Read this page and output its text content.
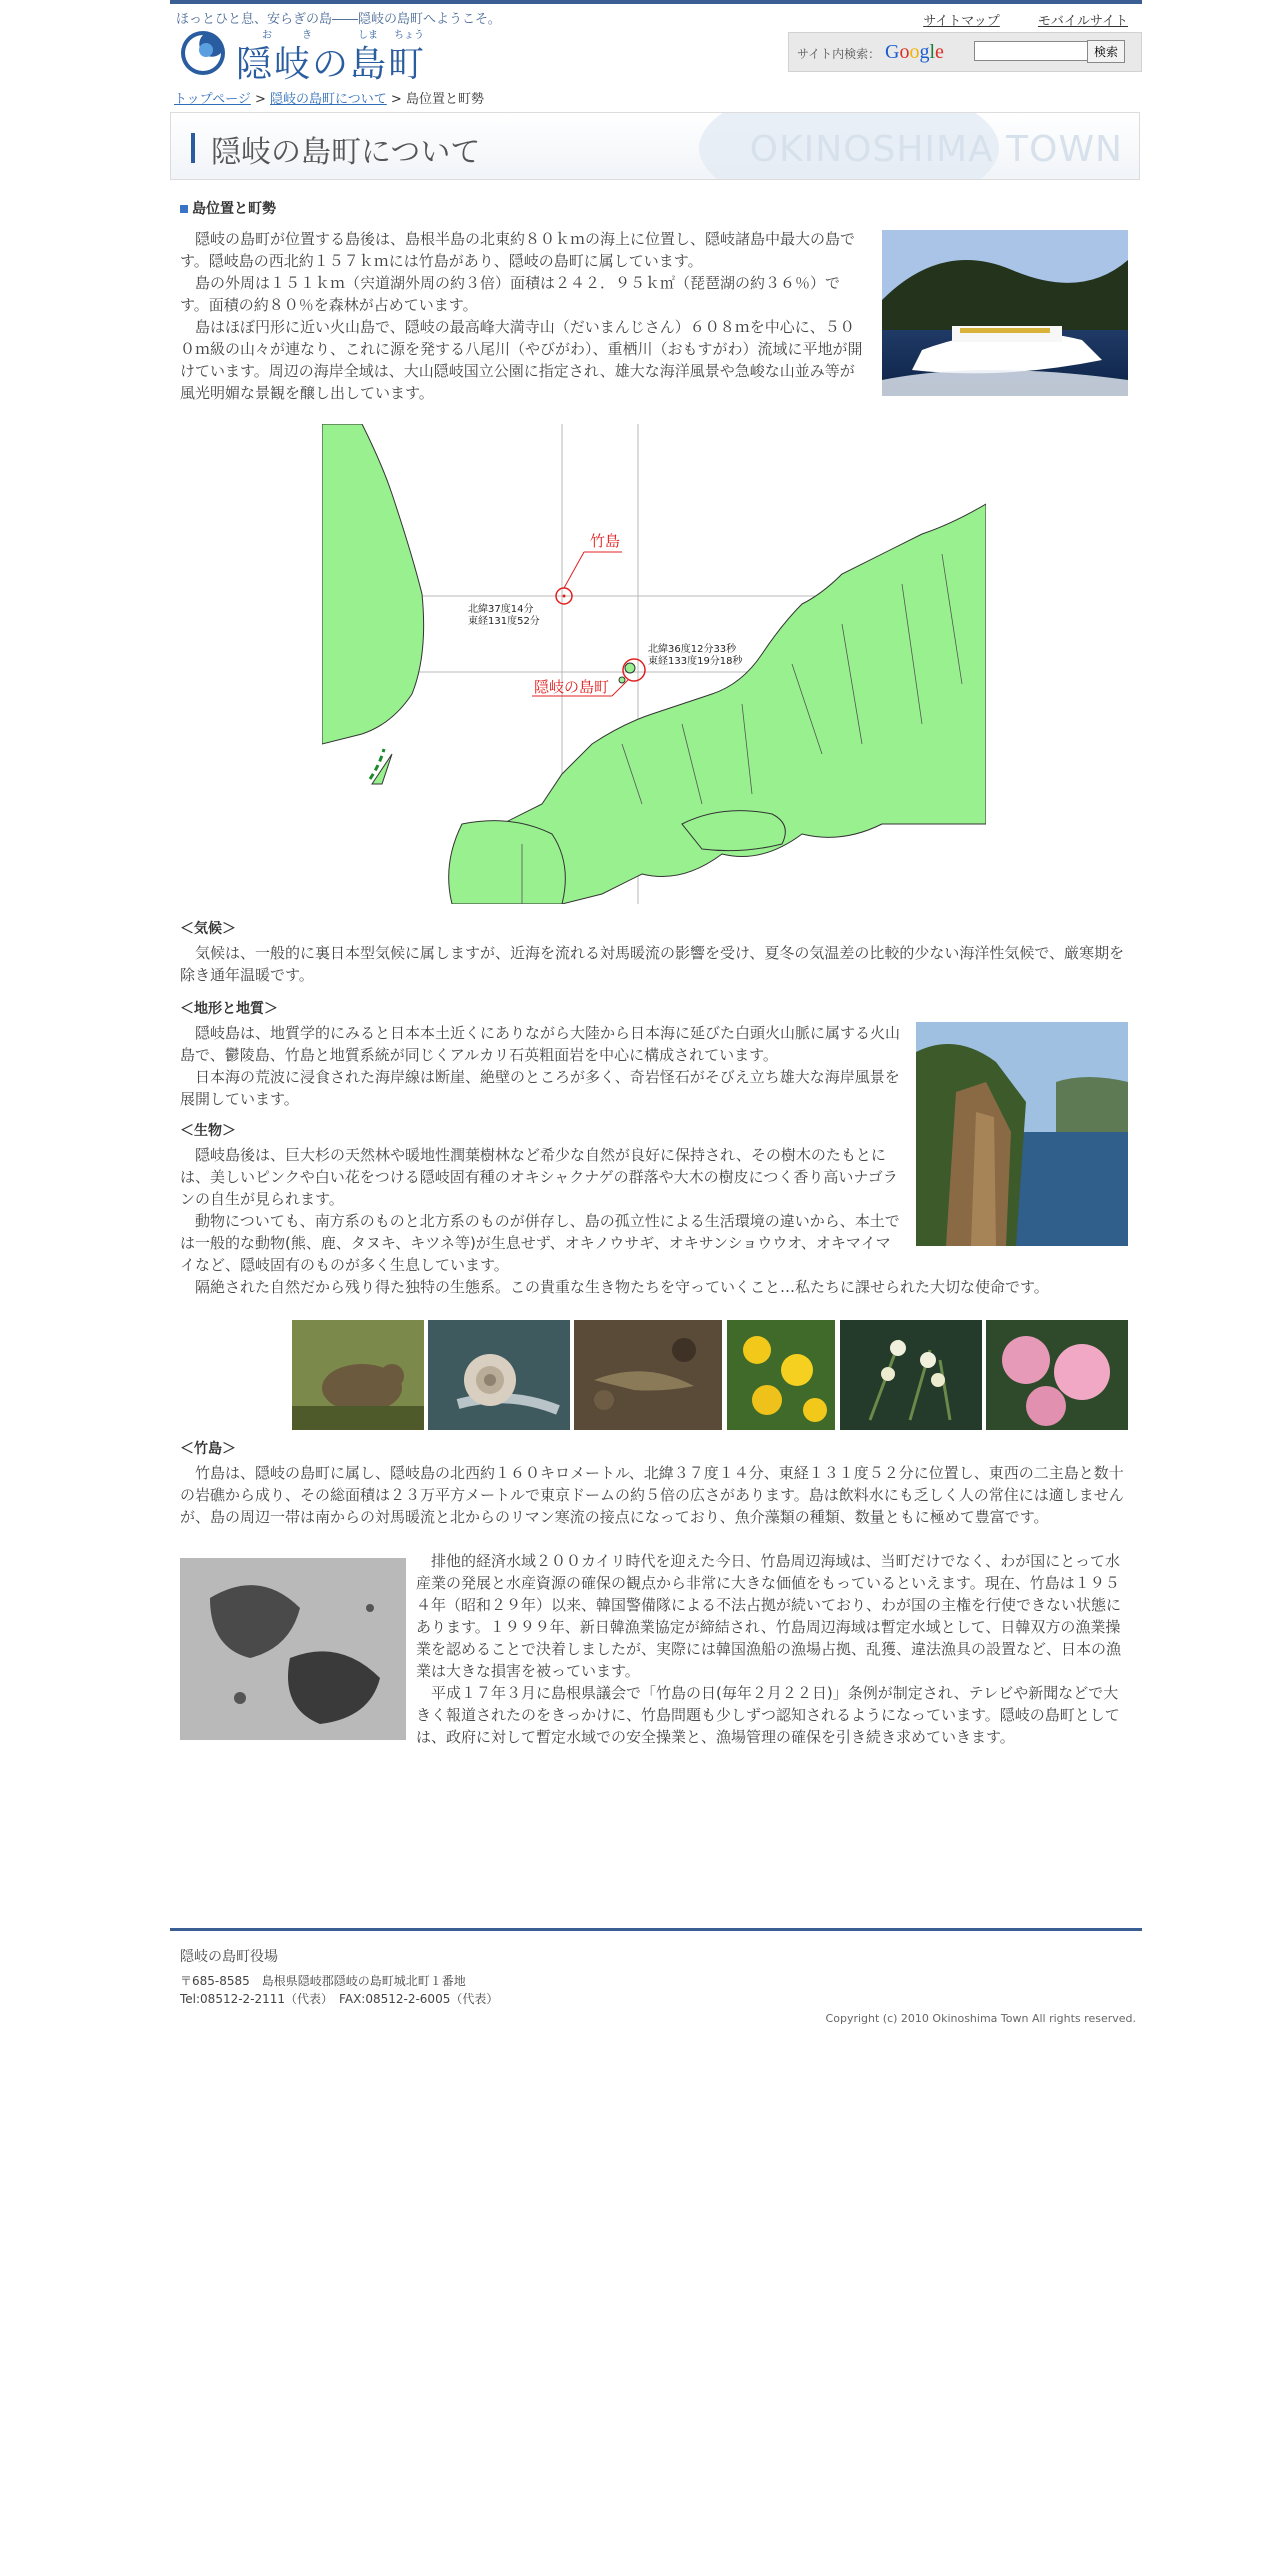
ほっとひと息、安らぎの島――隠岐の島町へようこそ。	サイトマップ	モバイルサイト
お	き	しま ちょう
隠岐の島町	サイト内検索： Google	検索
トップページ > 隠岐の島町について > 島位置と町勢
隠岐の島町について	OKINOSHIMA TOWN
島位置と町勢
隠岐の島町が位置する島後は、島根半島の北東約８０ｋｍの海上に位置し、隠岐諸島中最大の島です。隠岐島の西北約１５７ｋｍには竹島があり、隠岐の島町に属しています。
島の外周は１５１ｋｍ（宍道湖外周の約３倍）面積は２４２．９５ｋ㎡（琵琶湖の約３６％）です。面積の約８０％を森林が占めています。
島はほぼ円形に近い火山島で、隠岐の最高峰大満寺山（だいまんじさん）６０８ｍを中心に、５００ｍ級の山々が連なり、これに源を発する八尾川（やびがわ）、重栖川（おもすがわ）流域に平地が開けています。周辺の海岸全域は、大山隠岐国立公園に指定され、雄大な海洋風景や急峻な山並み等が風光明媚な景観を醸し出しています。
竹島
隠岐の島町
北緯37度14分
東経131度52分
北緯36度12分33秒
東経133度19分18秒
＜気候＞
気候は、一般的に裏日本型気候に属しますが、近海を流れる対馬暖流の影響を受け、夏冬の気温差の比較的少ない海洋性気候で、厳寒期を除き通年温暖です。
＜地形と地質＞
隠岐島は、地質学的にみると日本本土近くにありながら大陸から日本海に延びた白頭火山脈に属する火山島で、鬱陵島、竹島と地質系統が同じくアルカリ石英粗面岩を中心に構成されています。
日本海の荒波に浸食された海岸線は断崖、絶壁のところが多く、奇岩怪石がそびえ立ち雄大な海岸風景を展開しています。
＜生物＞
隠岐島後は、巨大杉の天然林や暖地性潤葉樹林など希少な自然が良好に保持され、その樹木のたもとには、美しいピンクや白い花をつける隠岐固有種のオキシャクナゲの群落や大木の樹皮につく香り高いナゴランの自生が見られます。
動物についても、南方系のものと北方系のものが併存し、島の孤立性による生活環境の違いから、本土では一般的な動物(熊、鹿、タヌキ、キツネ等)が生息せず、オキノウサギ、オキサンショウウオ、オキマイマイなど、隠岐固有のものが多く生息しています。
隔絶された自然だから残り得た独特の生態系。この貴重な生き物たちを守っていくこと…私たちに課せられた大切な使命です。
＜竹島＞
竹島は、隠岐の島町に属し、隠岐島の北西約１６０キロメートル、北緯３７度１４分、東経１３１度５２分に位置し、東西の二主島と数十の岩礁から成り、その総面積は２３万平方メートルで東京ドームの約５倍の広さがあります。島は飲料水にも乏しく人の常住には適しませんが、島の周辺一帯は南からの対馬暖流と北からのリマン寒流の接点になっており、魚介藻類の種類、数量ともに極めて豊富です。
排他的経済水域２００カイリ時代を迎えた今日、竹島周辺海域は、当町だけでなく、わが国にとって水産業の発展と水産資源の確保の観点から非常に大きな価値をもっているといえます。現在、竹島は１９５４年（昭和２９年）以来、韓国警備隊による不法占拠が続いており、わが国の主権を行使できない状態にあります。１９９９年、新日韓漁業協定が締結され、竹島周辺海域は暫定水域として、日韓双方の漁業操業を認めることで決着しましたが、実際には韓国漁船の漁場占拠、乱獲、違法漁具の設置など、日本の漁業は大きな損害を被っています。
平成１７年３月に島根県議会で「竹島の日(毎年２月２２日)」条例が制定され、テレビや新聞などで大きく報道されたのをきっかけに、竹島問題も少しずつ認知されるようになっています。隠岐の島町としては、政府に対して暫定水域での安全操業と、漁場管理の確保を引き続き求めていきます。
隠岐の島町役場
〒685-8585　島根県隠岐郡隠岐の島町城北町１番地
Tel:08512-2-2111（代表）　FAX:08512-2-6005（代表）
Copyright (c) 2010 Okinoshima Town All rights reserved.
